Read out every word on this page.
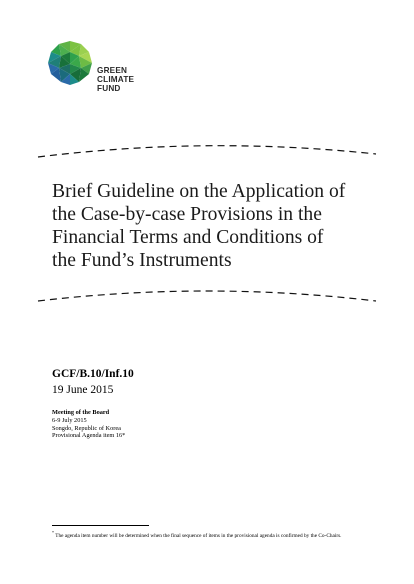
GREEN
CLIMATE
FUND
Brief Guideline on the Application of
the Case-by-case Provisions in the
Financial Terms and Conditions of
the Fund’s Instruments
GCF/B.10/Inf.10
19 June 2015
Meeting of the Board
6-9 July 2015
Songdo, Republic of Korea
Provisional Agenda item 16*
* The agenda item number will be determined when the final sequence of items in the provisional agenda is confirmed by the Co-Chairs.
